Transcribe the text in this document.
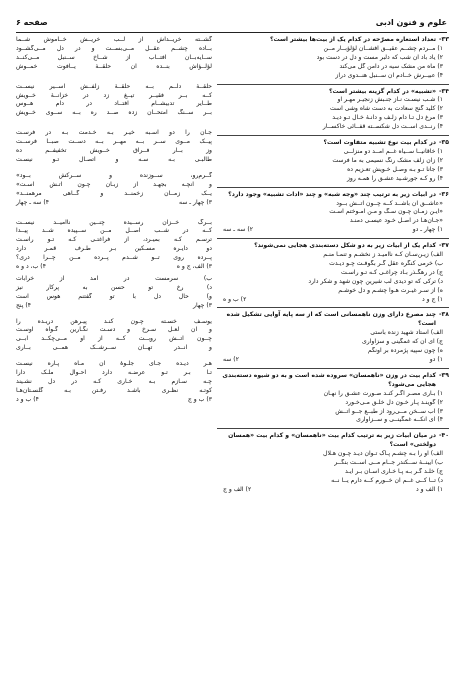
علوم و فنون ادبی
صفحه ۶
۳۳-
تعداد استعاره مصرّحه در کدام یک از بیت‌ها بیشتر است؟
۱) مــردم چشــم عقیــق افشــان لؤلؤبــار مــن
۲) یاد باد آن شب که دلبر مست و دل در دست بود
۳) ماه من مشک سیه در دامن گل می‌کند
۴) عبیــرش خــادم آن ســنبل هنــدوی دراز
۳۴-
«تشبیه» در کدام گزینه بیشتر است؟
۱) شـب نیسـت نـاز جنـبش زنجیـر مهـر او
۲) کلید گنج سعادت به دست شاه وشی است
۳) مرغ دل تـا دام زلـف و دانـهٔ خـال تـو دیـد
۴) رنــدی اســت دل شکســته قفــائی خاکســار
۳۵-
در کدام بیت نوع تشبیه متفاوت است؟
۱) خاقانیــا ســیاه غــم آمــد دو منزلــی
۲) زان زلف مشک رنگ نسیمی به ما فرست
۳) جانا تـو بـه وصـل خـویش تعـزیم ده
۴) رو کـه جورشـید عشـق را همـه روز
۳۶-
در ابیات زیر به ترتیب چند «وجه شبه» و چند «ادات تشبیه» وجود دارد؟
«عاشــق آن باشــد کــه چــون آتــش بــود
«ایـن زمـان چـون سـگ و مـن آمـوختم اسـت
«جـان‌هـا در اصـل خـود عیسـی دمنـد
۱) چهار ـ دو
۲) سه ـ سه
۳۷-
کدام یک از ابیات زیر به دو شکل دسته‌بندی هجایی نمی‌شوند؟
الف) زیـن‌سـان کـه ناامیـد ز نخشـم و تنمـا منـم
ب) خرمی کنگره عقل گـر بگوفـت چـو دیـدت
ج) در رهگـذر بـاد چراغـی کـه تـو راسـت
د) ترکی که تو دیدی لب شیرین چون شهد و شکر دارد
ه) از سـر غیـرت هـوا چشـم و دل خوشـم
۱) ج و د
۲) ب و ه
۳۸-
چند مصرع دارای وزن ناهمسانی است که از سه پایه آوایی تشکیل شده است؟
الف) استاد شهید زنده باستی
ج) ای آن که غمگینی و سزاواری
ه) چون سپیه پژمرده بر آونگم
۱) دو
۲) سه
۳۹-
کدام بیت در وزن «ناهمسان» سروده شده است و به دو شیوه دسته‌بندی هجایی می‌شود؟
۱) بـاری مصـر اگـر کنـد صـورت عشـق را نهـان
۲) گوینـد پـار خـون دل خلـق مـی‌خـورد
۳) آب ســخن مــی‌رود از طبــع جــو آتــش
۴) ای آنکــه غمگینــی و ســزاواری
۴۰-
در میان ابیات زیر به ترتیب کدام بیت «ناهمسان» و کدام بیت «همسان دولختی» است؟
الف) او را بـه چشـم پـاک تـوان دیـد چـون هـلال
ب) آیینــهٔ ســکندر جــام مــی اســت بنگــر
ج) خلـد گـر بـه پـا خـاری آسـان بـر آیـد
د) تــا کــی غــم آن خــورم کــه دارم یــا نــه
۱) الف و د
۲) الف و ج
گشــته خریــداش از لــب خریــش خــاموش شــما
بــاده چشــم عقــل مــی‌بســت و در دل مــی‌گشــود
ســایه‌بــان آفتــاب از شــاخ ســنبل مــی‌کنــد
لؤلــؤاش بنــده آن حلقــهٔ یــافوت خمــوش
حلقــهٔ دلــم بــه حلقــهٔ زلفــش اســیر نیســت
کــه بــر فقیــر تیــغ زد در خزانــهٔ خــویش
طــایر تدبیشــام افتــاد در دام هــوس
بــر ســنگ امتحــان زده صــد ره بــه ســوی خــویش
جـان را دو اسـبه خیـر بـه خـدمت بـه در فرسـت
پیــک مــوی ســر بــه مهــر بــه دســت صبــا فرســت
وز بــار فــراق خــویش تخفیفــم ده
طالبـی بـه سـه و اتصـال تـو نیسـت
گــرم‌رو، ســوزنده و ســرکش بــود»
و آنچـه بجهـد از زبـان چـون آتـش اسـت»
یــک زمــان زخمنــد و گــاهی مرهمنــد»
۳) چهار ـ سه
۴) سه ـ چهار
بــرگ خــزان رســیده چنــین ناامیــد نیســت
کــه در شــب اصــل مــن ســپیده شــد پیــدا
ترسـم کـه بمیـرد، از فراغتـی کـه تـو راسـت
دو دایـره مسـکین بـر طـرف قمـر دارد
پــرده روی تــو شــدم پــرده مــن چــرا دری؟
۳) الف، ج و ه
۴) ب، د و ه
ب) سرمست در آمد از خرابات
د) رخ تو حسن به پرکار نیز
و) حال دل با تو گفتنم هوس است
۳) چهار
۴) پنج
یوسـف خسـته چـون کنـد پیـرهن دریـده را
و آن لعـل سـرخ و دسـت نگـارین گـواه اوسـت
چــون آتــش روبــت کــه از او مــی‌چکــد آبــی
و انــدر تهــان ســرشــک همــی بــاری
هـر دیـده جـای جلـوهٔ آن مـاه پـاره نیسـت
تـا بـر تـو عرضـه دارد احـوال ملـک دارا
چـه سـازم بـه خـاری کـه در دل نشـیند
کوتـه نظـری باشـد رفـتن بـه گلسـتان‌هـا
۳) ب و ج
۴) ب و د
